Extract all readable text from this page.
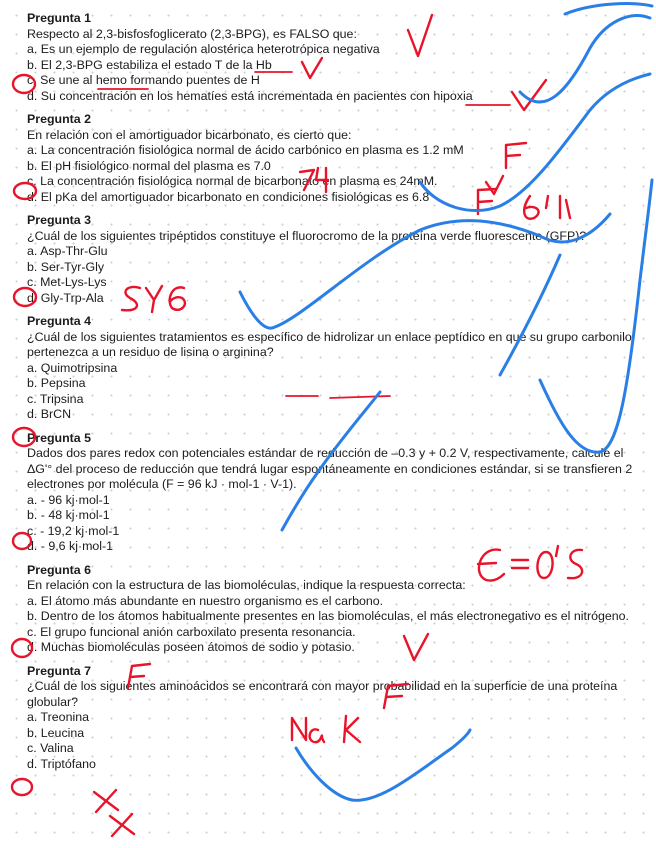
Pregunta 1
Respecto al 2,3-bisfosfoglicerato (2,3-BPG), es FALSO que:
a. Es un ejemplo de regulación alostérica heterotrópica negativa
b. El 2,3-BPG estabiliza el estado T de la Hb
c. Se une al hemo formando puentes de H
d. Su concentración en los hematíes está incrementada en pacientes con hipoxia
Pregunta 2
En relación con el amortiguador bicarbonato, es cierto que:
a. La concentración fisiológica normal de ácido carbónico en plasma es 1.2 mM
b. El pH fisiológico normal del plasma es 7.0
c. La concentración fisiológica normal de bicarbonato en plasma es 24mM.
d. El pKa del amortiguador bicarbonato en condiciones fisiológicas es 6.8
Pregunta 3
¿Cuál de los siguientes tripéptidos constituye el fluorocromo de la proteína verde fluorescente (GFP)?
a. Asp-Thr-Glu
b. Ser-Tyr-Gly
c. Met-Lys-Lys
d. Gly-Trp-Ala
Pregunta 4
¿Cuál de los siguientes tratamientos es específico de hidrolizar un enlace peptídico en que su grupo carbonilo pertenezca a un residuo de lisina o arginina?
a. Quimotripsina
b. Pepsina
c. Tripsina
d. BrCN
Pregunta 5
Dados dos pares redox con potenciales estándar de reducción de –0.3 y + 0.2 V, respectivamente, calcule el ΔG'° del proceso de reducción que tendrá lugar espontáneamente en condiciones estándar, si se transfieren 2 electrones por molécula (F = 96 kJ · mol-1 · V-1).
a. - 96 kj·mol-1
b. - 48 kj·mol-1
c. - 19,2 kj·mol-1
d. - 9,6 kj·mol-1
Pregunta 6
En relación con la estructura de las biomoléculas, indique la respuesta correcta:
a. El átomo más abundante en nuestro organismo es el carbono.
b. Dentro de los átomos habitualmente presentes en las biomoléculas, el más electronegativo es el nitrógeno.
c. El grupo funcional anión carboxilato presenta resonancia.
d. Muchas biomoléculas poseen átomos de sodio y potasio.
Pregunta 7
¿Cuál de los siguientes aminoácidos se encontrará con mayor probabilidad en la superficie de una proteína globular?
a. Treonina
b. Leucina
c. Valina
d. Triptófano
